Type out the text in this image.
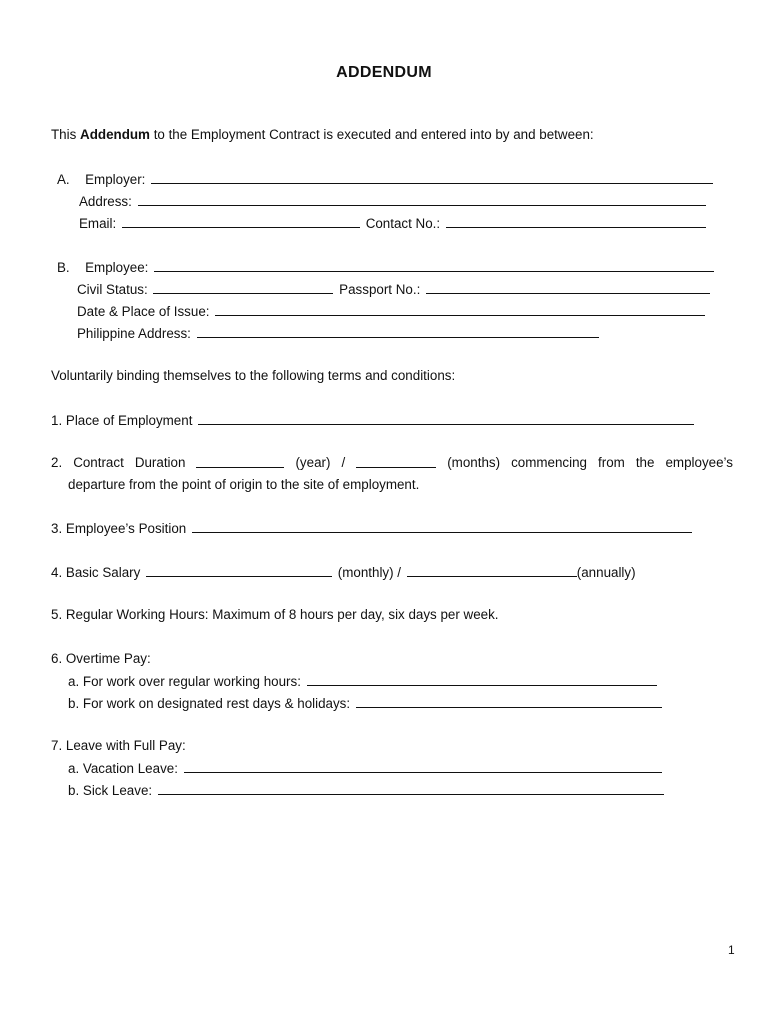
ADDENDUM
This Addendum to the Employment Contract is executed and entered into by and between:
A. Employer:
Address:
Email:	Contact No.:
B. Employee:
Civil Status:	Passport No.:
Date & Place of Issue:
Philippine Address:
Voluntarily binding themselves to the following terms and conditions:
1. Place of Employment
2. Contract Duration	(year) /	(months) commencing from the employee’s
departure from the point of origin to the site of employment.
3. Employee’s Position
4. Basic Salary	(monthly) /	(annually)
5. Regular Working Hours: Maximum of 8 hours per day, six days per week.
6. Overtime Pay:
a. For work over regular working hours:
b. For work on designated rest days & holidays:
7. Leave with Full Pay:
a. Vacation Leave:
b. Sick Leave:
1
